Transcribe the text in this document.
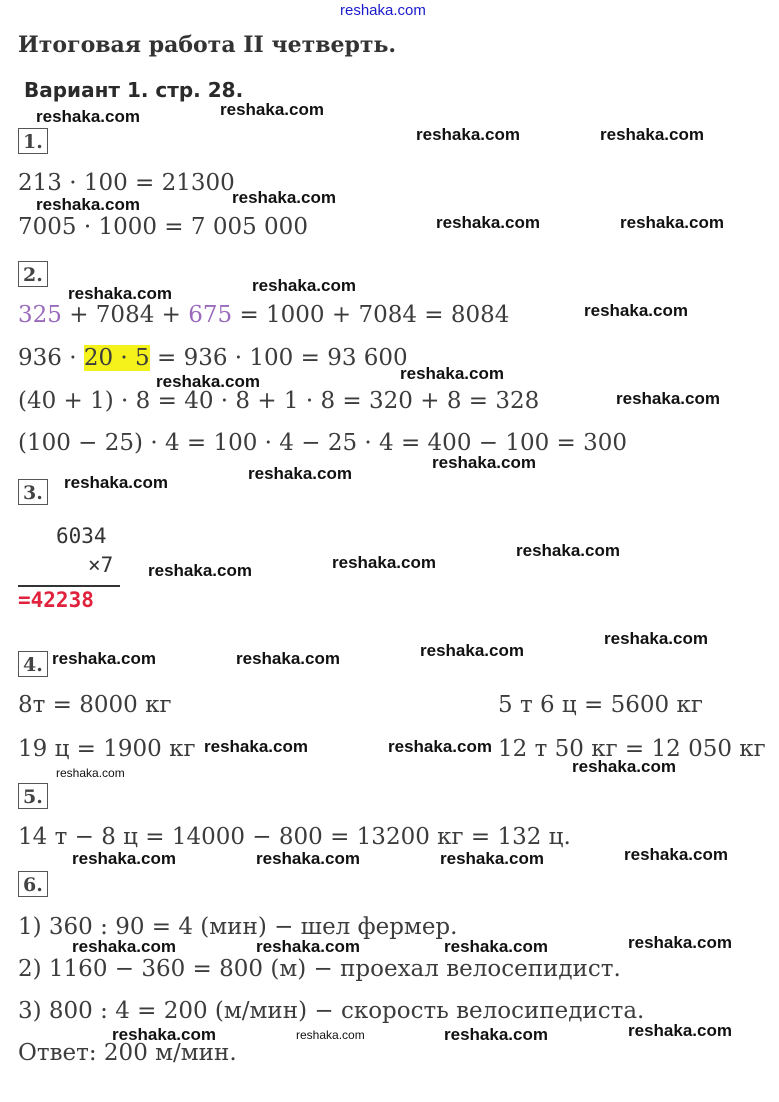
reshaka.com
Итоговая работа II четверть.
Вариант 1. стр. 28.
1.
213 · 100 = 21300
7005 · 1000 = 7 005 000
2.
325 + 7084 + 675 = 1000 + 7084 = 8084
936 · 20 · 5 = 936 · 100 = 93 600
(40 + 1) · 8 = 40 · 8 + 1 · 8 = 320 + 8 = 328
(100 − 25) · 4 = 100 · 4 − 25 · 4 = 400 − 100 = 300
3.
6034
×7
=42238
4.
8т = 8000 кг	5 т 6 ц = 5600 кг
19 ц = 1900 кг	12 т 50 кг = 12 050 кг
5.
14 т − 8 ц = 14000 − 800 = 13200 кг = 132 ц.
6.
1) 360 : 90 = 4 (мин) − шел фермер.
2) 1160 − 360 = 800 (м) − проехал велосепидист.
3) 800 : 4 = 200 (м/мин) − скорость велосипедиста.
Ответ: 200 м/мин.
reshaka.com	reshaka.com
reshaka.com	reshaka.com
reshaka.com	reshaka.com
reshaka.com	reshaka.com
reshaka.com
reshaka.com
reshaka.com
reshaka.com
reshaka.com
reshaka.com
reshaka.com
reshaka.com
reshaka.com
reshaka.com
reshaka.com
reshaka.com
reshaka.com
reshaka.com
reshaka.com	reshaka.com
reshaka.com	reshaka.com
reshaka.com	reshaka.com
reshaka.com
reshaka.com	reshaka.com	reshaka.com
reshaka.com
reshaka.com	reshaka.com	reshaka.com
reshaka.com	reshaka.com
reshaka.com	reshaka.com
